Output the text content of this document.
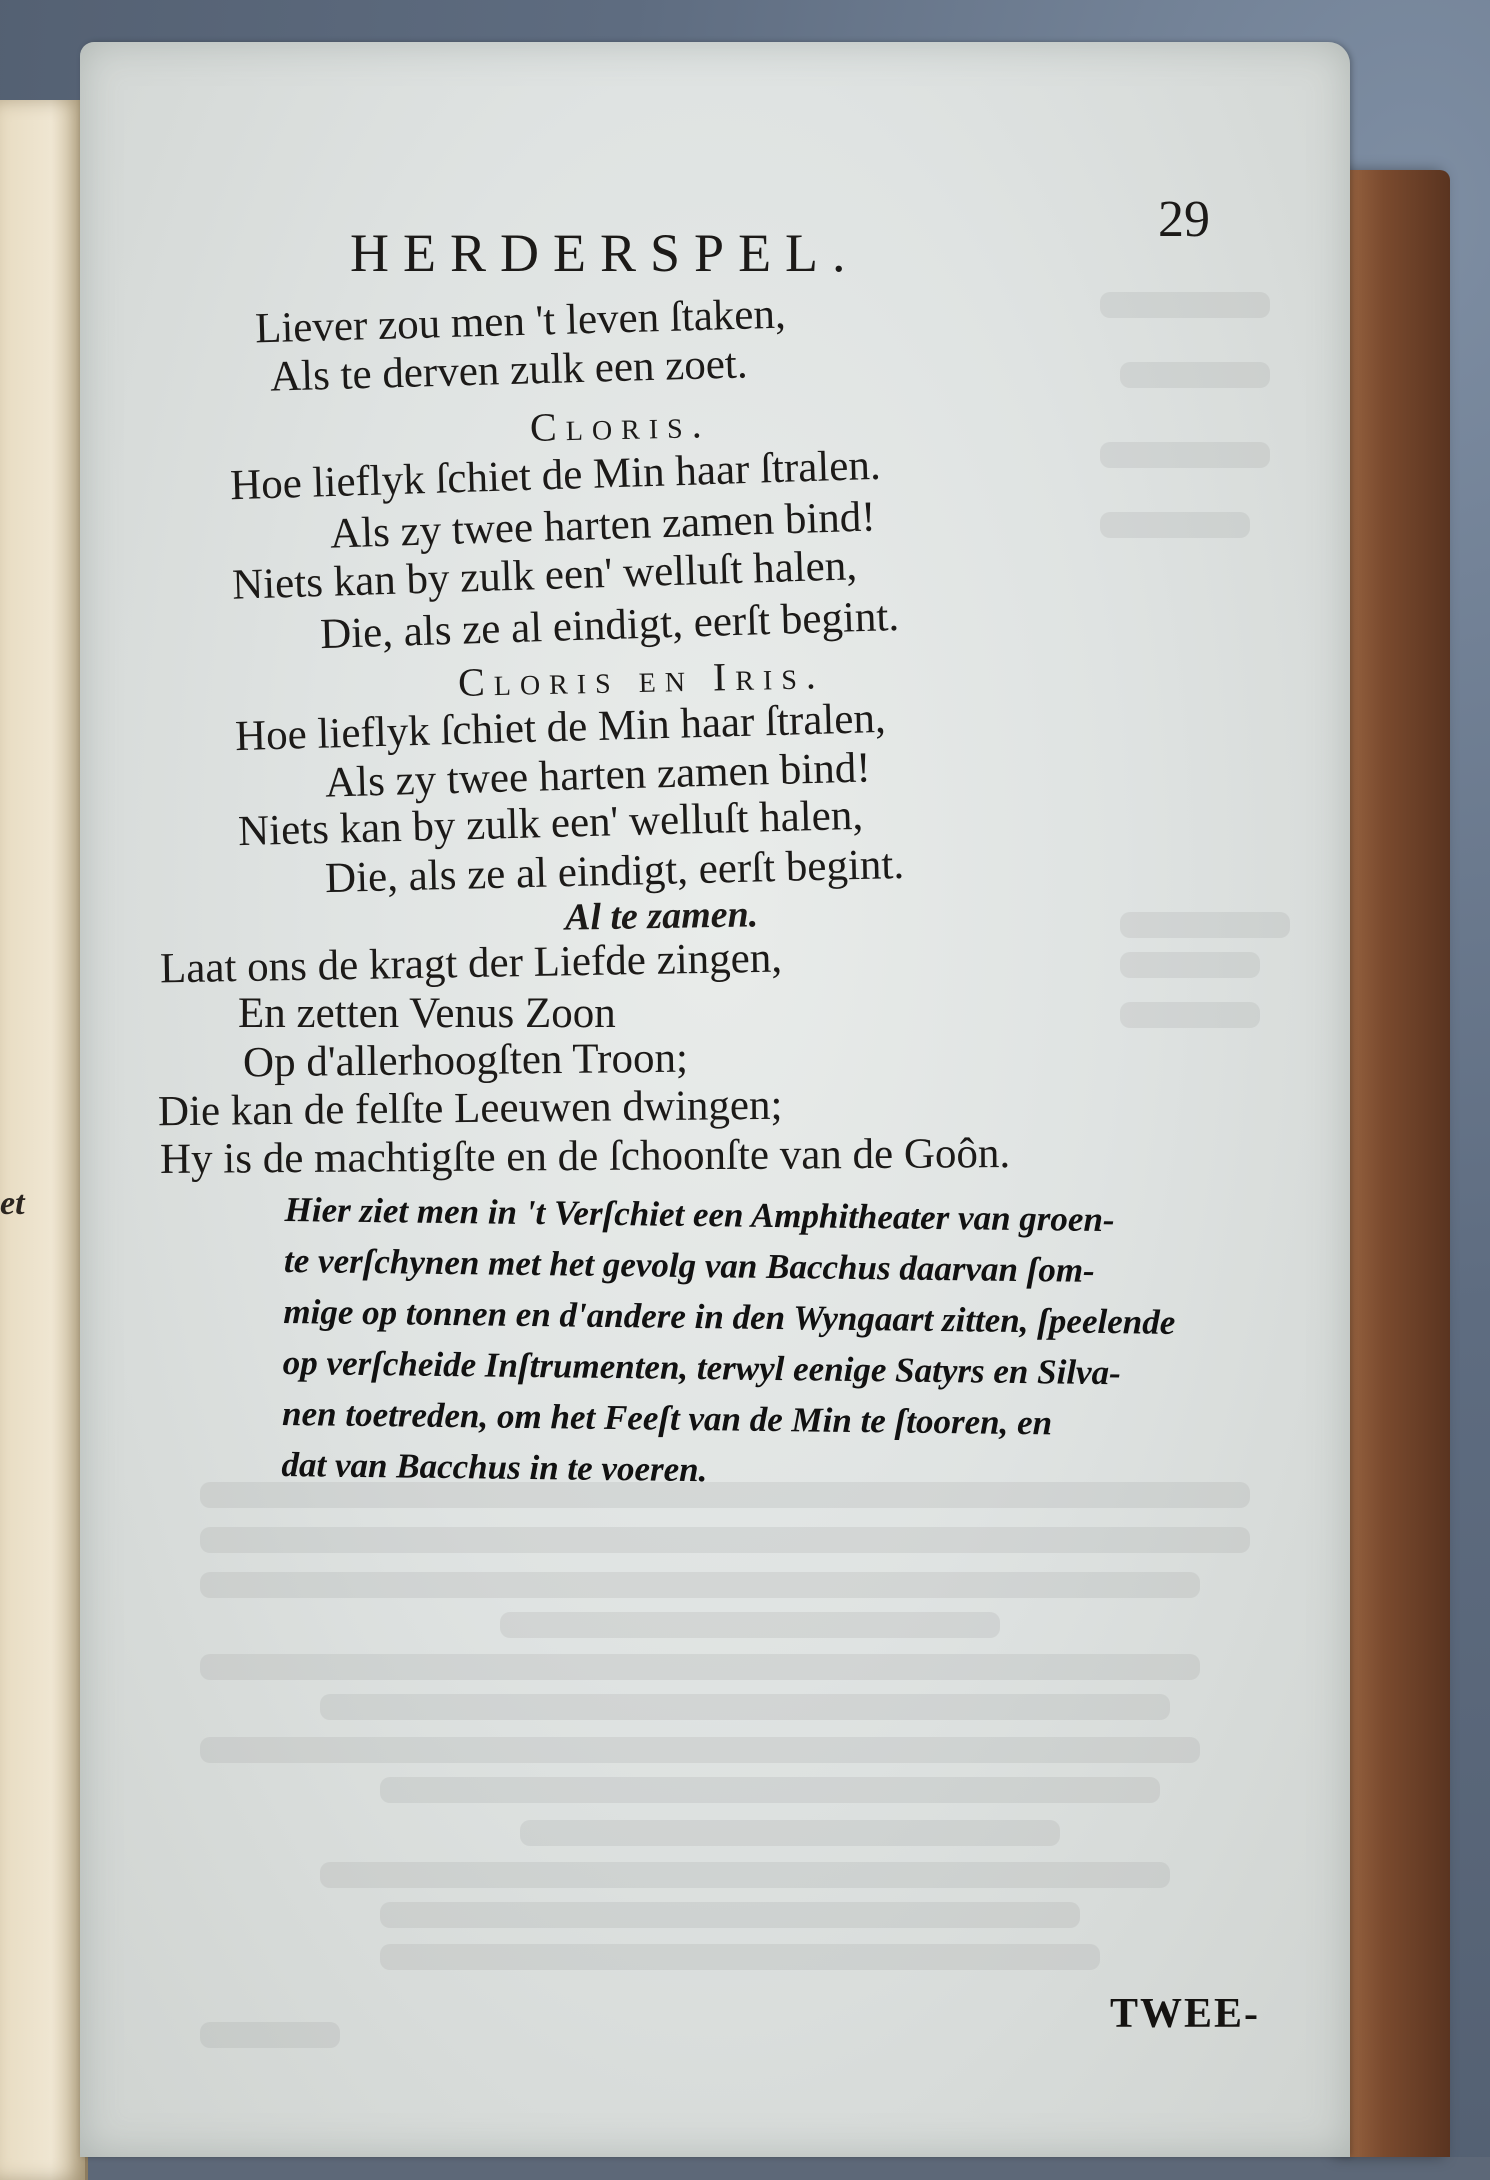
et
HERDERSPEL.
29
Liever zou men 't leven ſtaken,
Als te derven zulk een zoet.
Cloris.
Hoe lieflyk ſchiet de Min haar ſtralen.
Als zy twee harten zamen bind!
Niets kan by zulk een' welluſt halen,
Die, als ze al eindigt, eerſt begint.
Cloris en Iris.
Hoe lieflyk ſchiet de Min haar ſtralen,
Als zy twee harten zamen bind!
Niets kan by zulk een' welluſt halen,
Die, als ze al eindigt, eerſt begint.
Al te zamen.
Laat ons de kragt der Liefde zingen,
En zetten Venus Zoon
Op d'allerhoogſten Troon;
Die kan de felſte Leeuwen dwingen;
Hy is de machtigſte en de ſchoonſte van de Goôn.
Hier ziet men in 't Verſchiet een Amphitheater van groen-
te verſchynen met het gevolg van Bacchus daarvan ſom-
mige op tonnen en d'andere in den Wyngaart zitten, ſpeelende
op verſcheide Inſtrumenten, terwyl eenige Satyrs en Silva-
nen toetreden, om het Feeſt van de Min te ſtooren, en
dat van Bacchus in te voeren.
TWEE-
